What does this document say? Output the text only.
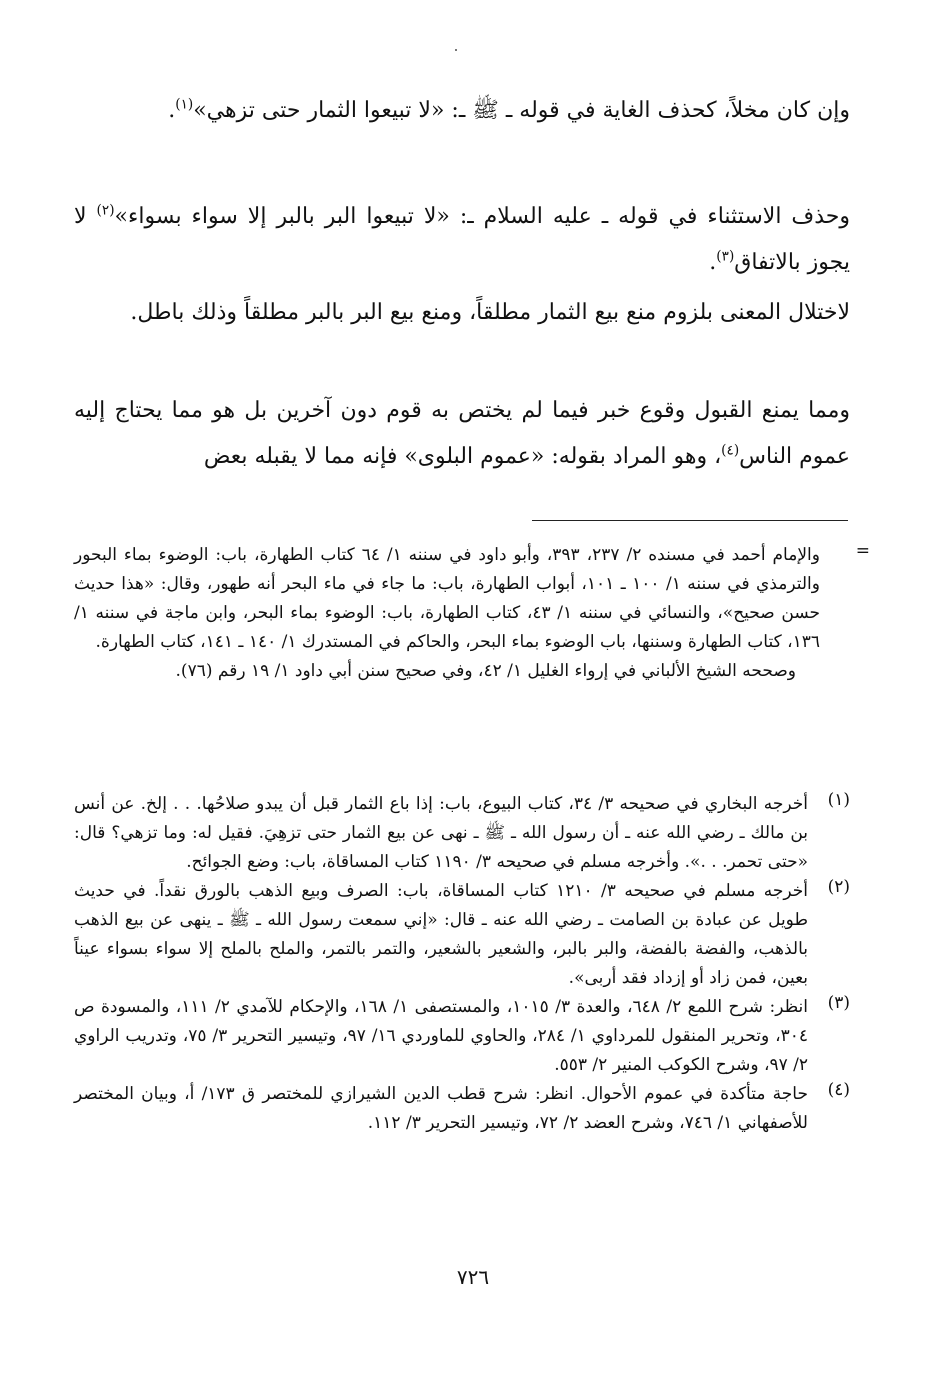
وإن كان مخلاً، كحذف الغاية في قوله ـ ﷺ ـ: «لا تبيعوا الثمار حتى تزهي»$^{(١)}$.

وحذف الاستثناء في قوله ـ عليه السلام ـ: «لا تبيعوا البر بالبر إلا سواء بسواء»$^{(٢)}$ لا يجوز بالاتفاق$^{(٣)}$.

لاختلال المعنى بلزوم منع بيع الثمار مطلقاً، ومنع بيع البر بالبر مطلقاً وذلك باطل.

ومما يمنع القبول وقوع خبر فيما لم يختص به قوم دون آخرين بل هو مما يحتاج إليه عموم الناس$^{(٤)}$، وهو المراد بقوله: «عموم البلوى» فإنه مما لا يقبله بعض

=

والإمام أحمد في مسنده ٢/ ٢٣٧، ٣٩٣، وأبو داود في سننه ١/ ٦٤ كتاب الطهارة، باب: الوضوء بماء البحور والترمذي في سننه ١/ ١٠٠ ـ ١٠١، أبواب الطهارة، باب: ما جاء في ماء البحر أنه طهور، وقال: «هذا حديث حسن صحيح»، والنسائي في سننه ١/ ٤٣، كتاب الطهارة، باب: الوضوء بماء البحر، وابن ماجة في سننه ١/ ١٣٦، كتاب الطهارة وسننها، باب الوضوء بماء البحر، والحاكم في المستدرك ١/ ١٤٠ ـ ١٤١، كتاب الطهارة.

وصححه الشيخ الألباني في إرواء الغليل ١/ ٤٢، وفي صحيح سنن أبي داود ١/ ١٩ رقم (٧٦).

(١)

أخرجه البخاري في صحيحه ٣/ ٣٤، كتاب البيوع، باب: إذا باع الثمار قبل أن يبدو صلاحُها. . . إلخ. عن أنس بن مالك ـ رضي الله عنه ـ أن رسول الله ـ ﷺ ـ نهى عن بيع الثمار حتى تزهِيَ. فقيل له: وما تزهي؟ قال: «حتى تحمر. . .». وأخرجه مسلم في صحيحه ٣/ ١١٩٠ كتاب المساقاة، باب: وضع الجوائح.

(٢)

أخرجه مسلم في صحيحه ٣/ ١٢١٠ كتاب المساقاة، باب: الصرف وبيع الذهب بالورق نقداً. في حديث طويل عن عبادة بن الصامت ـ رضي الله عنه ـ قال: «إني سمعت رسول الله ـ ﷺ ـ ينهى عن بيع الذهب بالذهب، والفضة بالفضة، والبر بالبر، والشعير بالشعير، والتمر بالتمر، والملح بالملح إلا سواء بسواء عيناً بعين، فمن زاد أو إزداد فقد أربى».

(٣)

انظر: شرح اللمع ٢/ ٦٤٨، والعدة ٣/ ١٠١٥، والمستصفى ١/ ١٦٨، والإحكام للآمدي ٢/ ١١١، والمسودة ص ٣٠٤، وتحرير المنقول للمرداوي ١/ ٢٨٤، والحاوي للماوردي ١٦/ ٩٧، وتيسير التحرير ٣/ ٧٥، وتدريب الراوي ٢/ ٩٧، وشرح الكوكب المنير ٢/ ٥٥٣.

(٤)

حاجة متأكدة في عموم الأحوال. انظر: شرح قطب الدين الشيرازي للمختصر ق ١٧٣/ أ، وبيان المختصر للأصفهاني ١/ ٧٤٦، وشرح العضد ٢/ ٧٢، وتيسير التحرير ٣/ ١١٢.

٧٢٦
